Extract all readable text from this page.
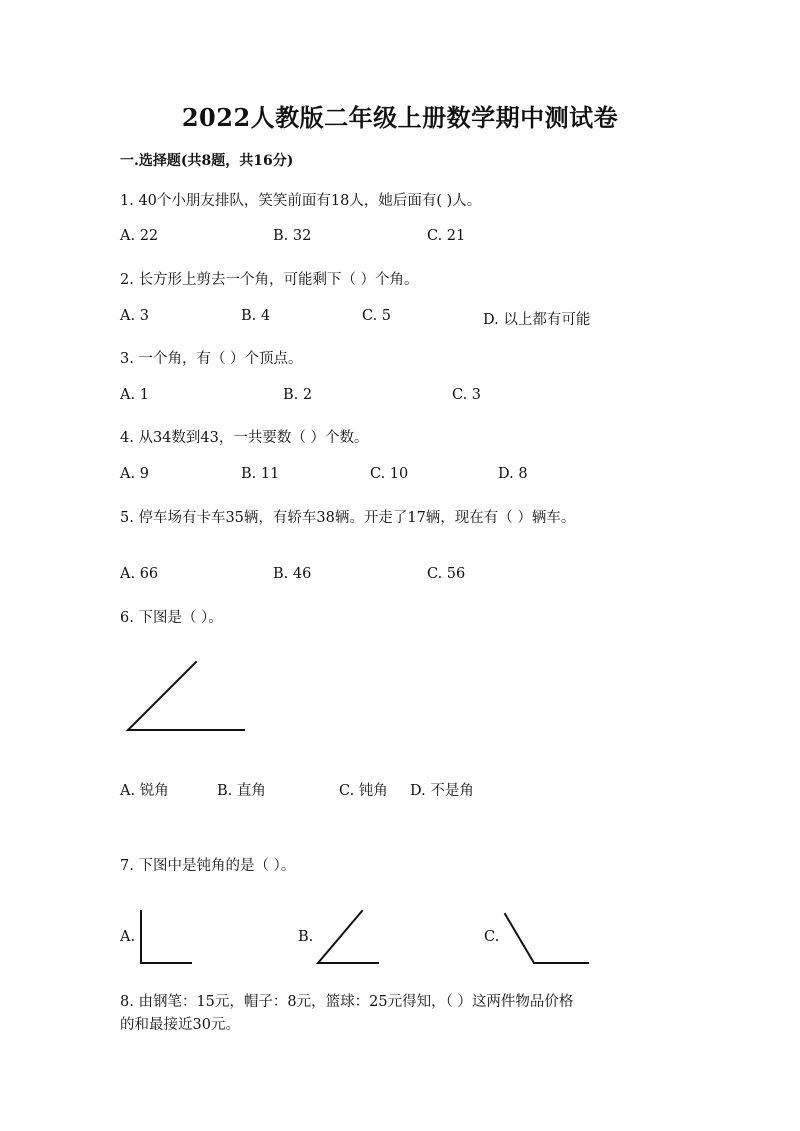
2022人教版二年级上册数学期中测试卷
一.选择题(共8题，共16分)
1. 40个小朋友排队，笑笑前面有18人，她后面有( )人。
A. 22	B. 32	C. 21
2. 长方形上剪去一个角，可能剩下（ ）个角。
A. 3	B. 4	C. 5	D. 以上都有可能
3. 一个角，有（ ）个顶点。
A. 1	B. 2	C. 3
4. 从34数到43，一共要数（ ）个数。
A. 9	B. 11	C. 10	D. 8
5. 停车场有卡车35辆，有轿车38辆。开走了17辆，现在有（ ）辆车。
A. 66	B. 46	C. 56
6. 下图是（ ）。
A. 锐角	B. 直角	C. 钝角 D. 不是角
7. 下图中是钝角的是（ ）。
A.	B.	C.
8. 由钢笔：15元，帽子：8元，篮球：25元得知，（ ）这两件物品价格
的和最接近30元。
